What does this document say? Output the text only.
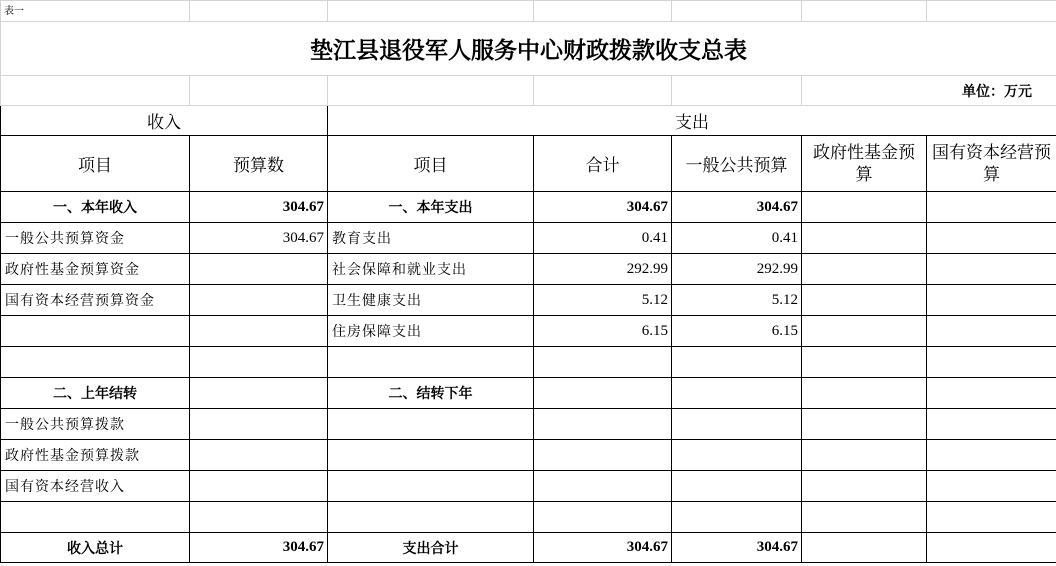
表一						
垫江县退役军人服务中心财政拨款收支总表						
					单位：万元	
收入		支出				
项目	预算数	项目	合计	一般公共预算	政府性基金预算	国有资本经营预算
一、本年收入	304.67	一、本年支出	304.67	304.67		
一般公共预算资金	304.67	教育支出	0.41	0.41		
政府性基金预算资金		社会保障和就业支出	292.99	292.99		
国有资本经营预算资金		卫生健康支出	5.12	5.12		
		住房保障支出	6.15	6.15		

二、上年结转		二、结转下年				
一般公共预算拨款						
政府性基金预算拨款						
国有资本经营收入						

收入总计	304.67	支出合计	304.67	304.67		
